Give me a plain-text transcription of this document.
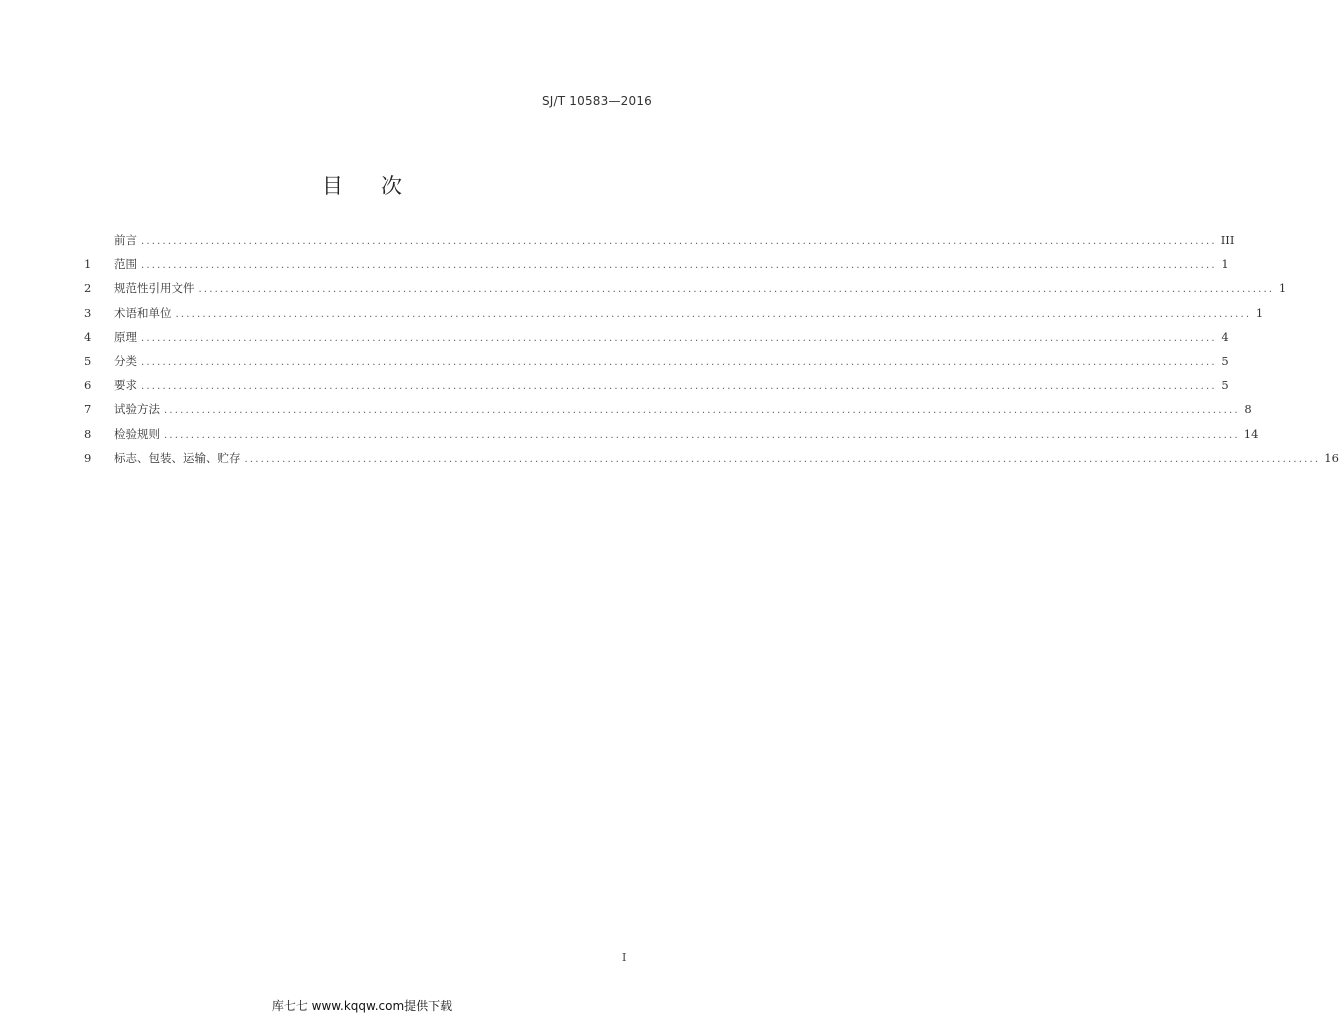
SJ/T 10583—2016
目次
前言 ........................................................................................................................................................................................................ III
1	范围 ........................................................................................................................................................................................................ 1
2	规范性引用文件 ........................................................................................................................................................................................................ 1
3	术语和单位 ........................................................................................................................................................................................................ 1
4	原理 ........................................................................................................................................................................................................ 4
5	分类 ........................................................................................................................................................................................................ 5
6	要求 ........................................................................................................................................................................................................ 5
7	试验方法 ........................................................................................................................................................................................................ 8
8	检验规则 ........................................................................................................................................................................................................ 14
9	标志、包装、运输、贮存 ........................................................................................................................................................................................................ 16
I
库七七 www.kqqw.com提供下载
